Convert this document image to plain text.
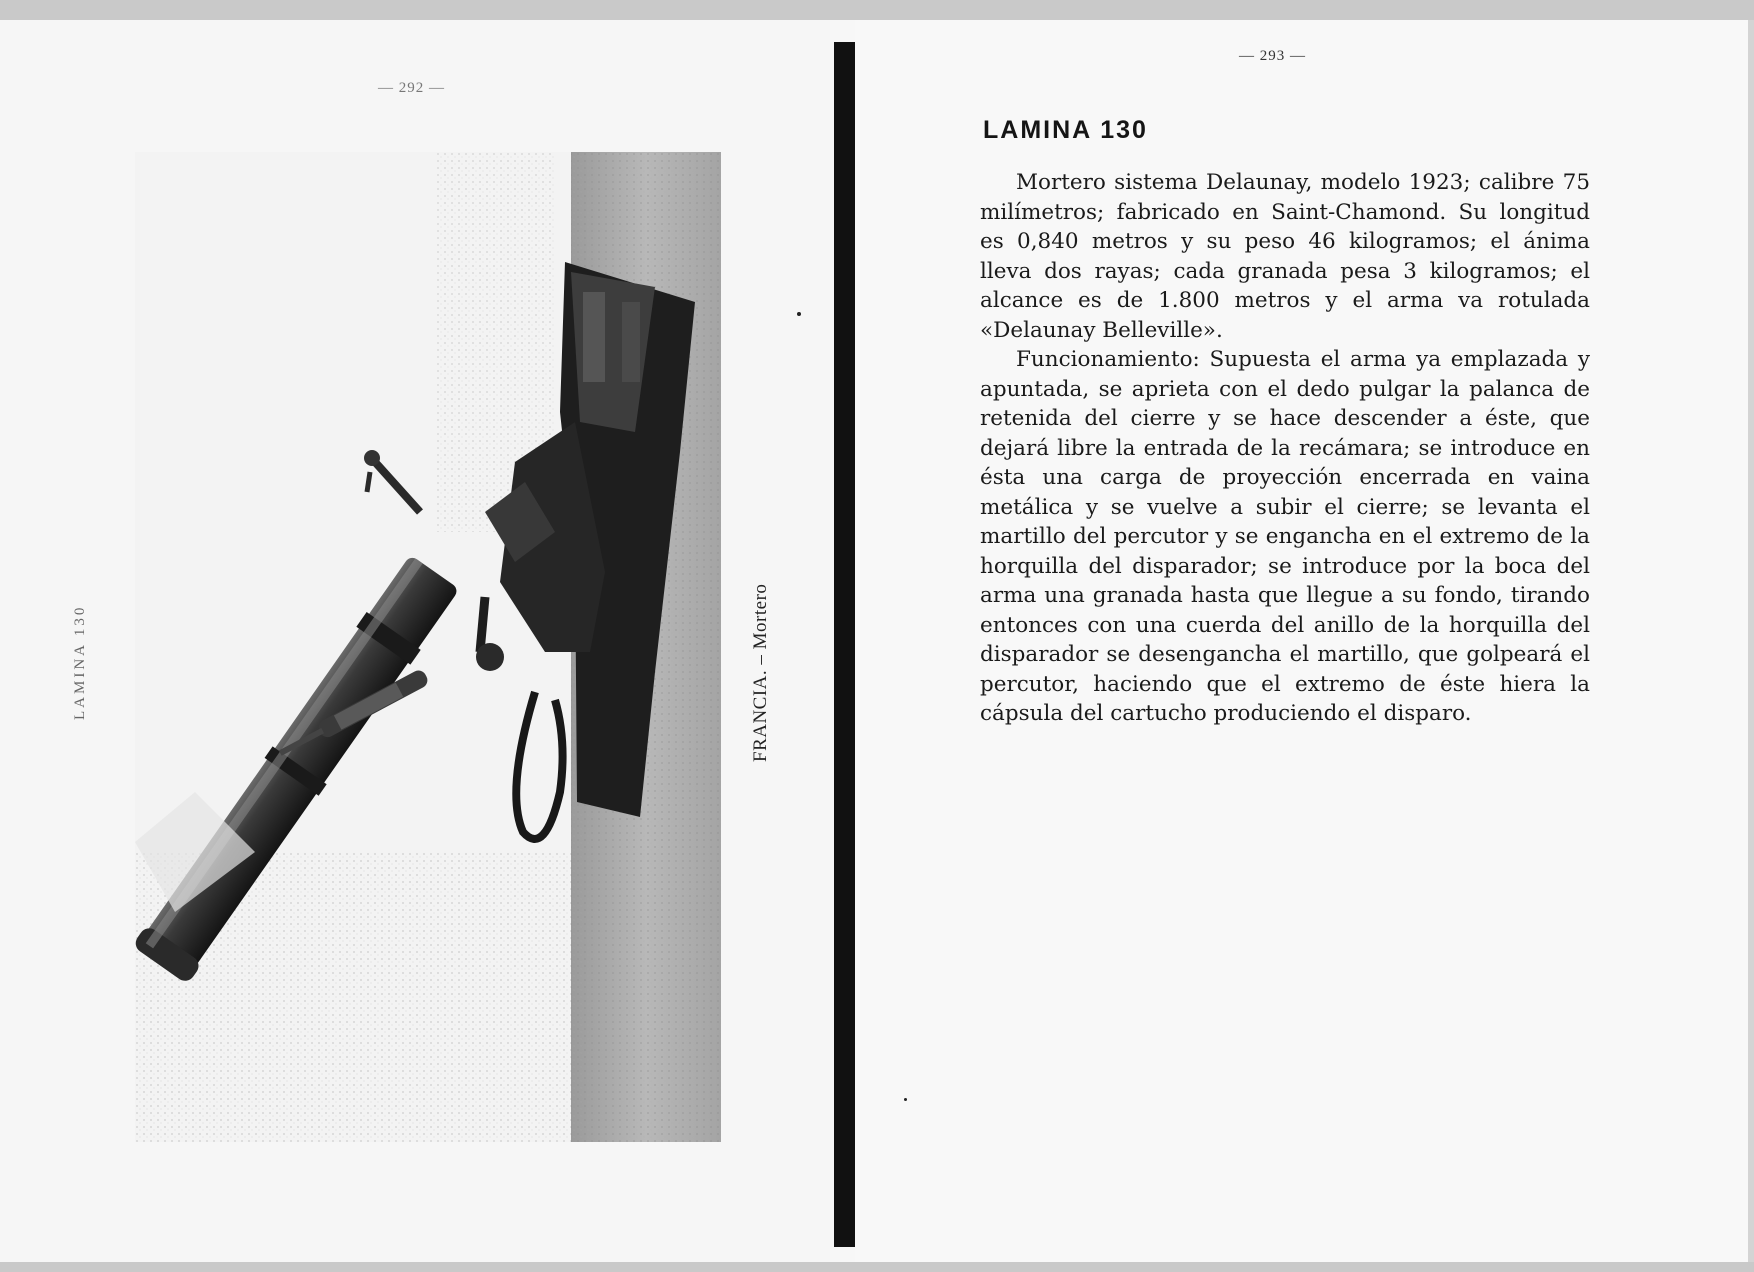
— 292 —
LAMINA 130	FRANCIA. – Mortero
— 293 —
LAMINA 130

Mortero sistema Delaunay, modelo 1923; calibre 75 milímetros; fabricado en Saint-Chamond. Su longitud es 0,840 metros y su peso 46 kilogramos; el ánima lleva dos rayas; cada granada pesa 3 kilogramos; el alcance es de 1.800 metros y el arma va rotulada «Delaunay Belleville».

Funcionamiento: Supuesta el arma ya emplazada y apuntada, se aprieta con el dedo pulgar la palanca de retenida del cierre y se hace descender a éste, que dejará libre la entrada de la recámara; se introduce en ésta una carga de proyección encerrada en vaina metálica y se vuelve a subir el cierre; se levanta el martillo del percutor y se engancha en el extremo de la horquilla del disparador; se introduce por la boca del arma una granada hasta que llegue a su fondo, tirando entonces con una cuerda del anillo de la horquilla del disparador se desengancha el martillo, que golpeará el percutor, haciendo que el extremo de éste hiera la cápsula del cartucho produciendo el disparo.
